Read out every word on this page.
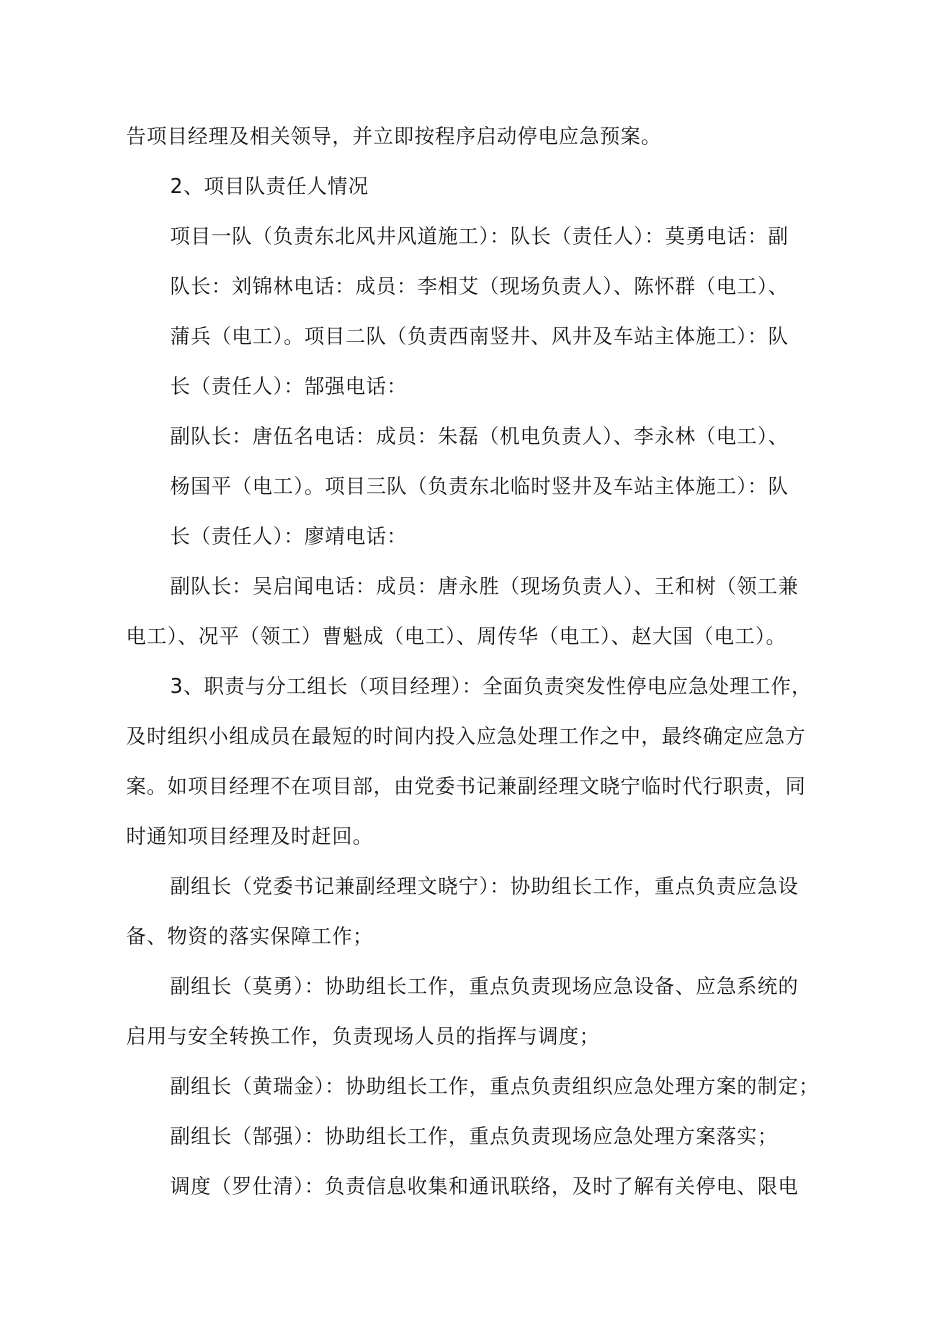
告项目经理及相关领导，并立即按程序启动停电应急预案。
2、项目队责任人情况
项目一队（负责东北风井风道施工）：队长（责任人）：莫勇电话：副
队长：刘锦林电话：成员：李相艾（现场负责人）、陈怀群（电工）、
蒲兵（电工）。项目二队（负责西南竖井、风井及车站主体施工）：队
长（责任人）：郜强电话：
副队长：唐伍名电话：成员：朱磊（机电负责人）、李永林（电工）、
杨国平（电工）。项目三队（负责东北临时竖井及车站主体施工）：队
长（责任人）：廖靖电话：
副队长：吴启闻电话：成员：唐永胜（现场负责人）、王和树（领工兼
电工）、况平（领工）曹魁成（电工）、周传华（电工）、赵大国（电工）。
3、职责与分工组长（项目经理）：全面负责突发性停电应急处理工作，
及时组织小组成员在最短的时间内投入应急处理工作之中，最终确定应急方
案。如项目经理不在项目部，由党委书记兼副经理文晓宁临时代行职责，同
时通知项目经理及时赶回。
副组长（党委书记兼副经理文晓宁）：协助组长工作，重点负责应急设
备、物资的落实保障工作；
副组长（莫勇）：协助组长工作，重点负责现场应急设备、应急系统的
启用与安全转换工作，负责现场人员的指挥与调度；
副组长（黄瑞金）：协助组长工作，重点负责组织应急处理方案的制定；
副组长（郜强）：协助组长工作，重点负责现场应急处理方案落实；
调度（罗仕清）：负责信息收集和通讯联络，及时了解有关停电、限电
